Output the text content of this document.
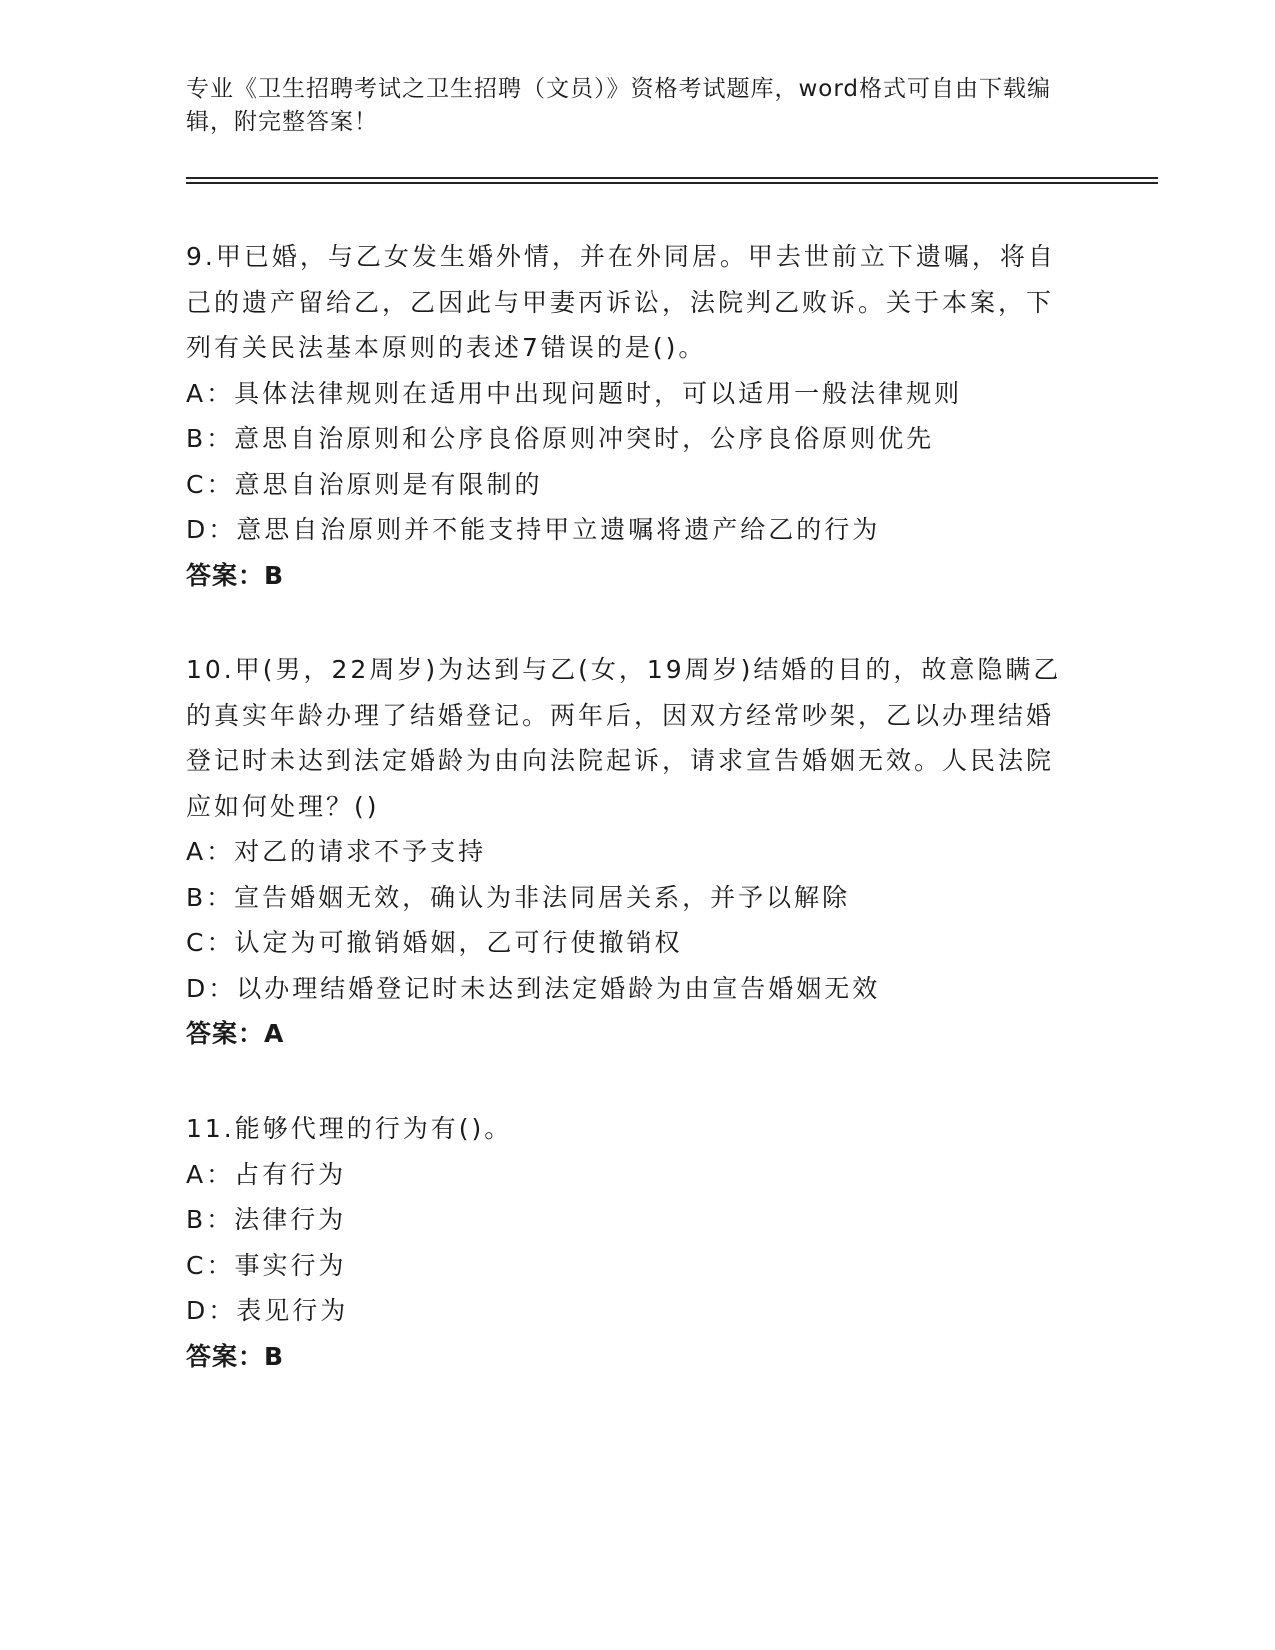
专业《卫生招聘考试之卫生招聘（文员）》资格考试题库，word格式可自由下载编辑，附完整答案！

9.甲已婚，与乙女发生婚外情，并在外同居。甲去世前立下遗嘱，将自己的遗产留给乙，乙因此与甲妻丙诉讼，法院判乙败诉。关于本案，下列有关民法基本原则的表述7错误的是()。

A：具体法律规则在适用中出现问题时，可以适用一般法律规则

B：意思自治原则和公序良俗原则冲突时，公序良俗原则优先

C：意思自治原则是有限制的

D：意思自治原则并不能支持甲立遗嘱将遗产给乙的行为

答案：B

10.甲(男，22周岁)为达到与乙(女，19周岁)结婚的目的，故意隐瞒乙的真实年龄办理了结婚登记。两年后，因双方经常吵架，乙以办理结婚登记时未达到法定婚龄为由向法院起诉，请求宣告婚姻无效。人民法院应如何处理？()

A：对乙的请求不予支持

B：宣告婚姻无效，确认为非法同居关系，并予以解除

C：认定为可撤销婚姻，乙可行使撤销权

D：以办理结婚登记时未达到法定婚龄为由宣告婚姻无效

答案：A

11.能够代理的行为有()。

A：占有行为

B：法律行为

C：事实行为

D：表见行为

答案：B
